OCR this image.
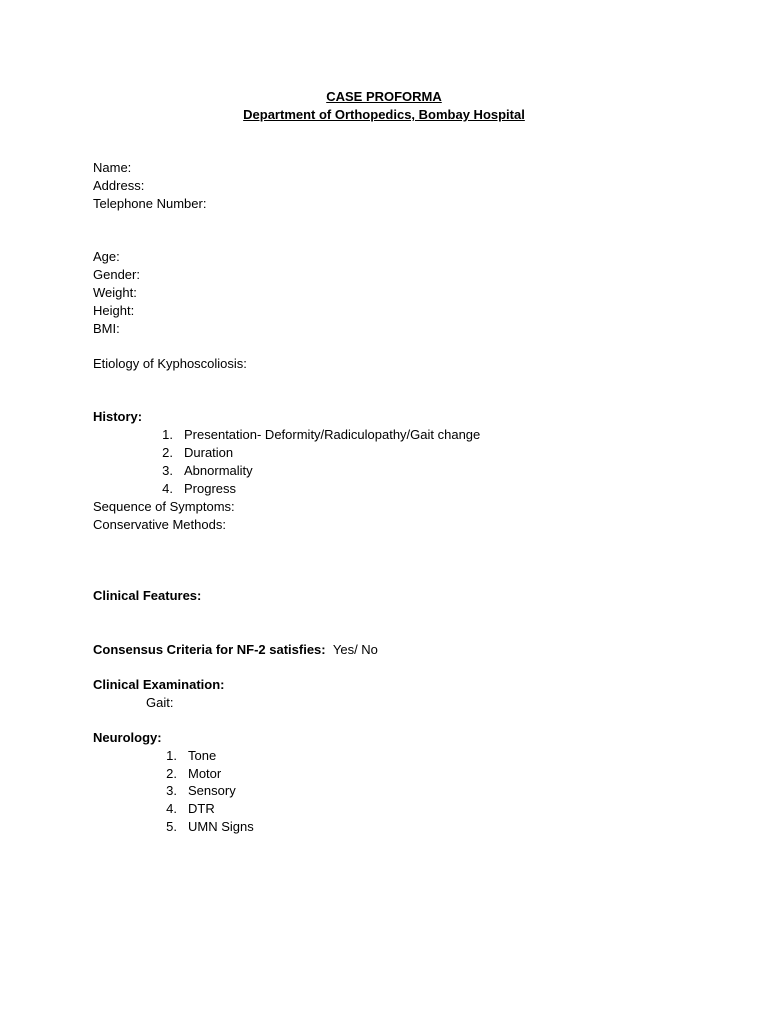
CASE PROFORMA
Department of Orthopedics, Bombay Hospital
Name:
Address:
Telephone Number:
Age:
Gender:
Weight:
Height:
BMI:
Etiology of Kyphoscoliosis:
History:
1. Presentation- Deformity/Radiculopathy/Gait change
2. Duration
3. Abnormality
4. Progress
Sequence of Symptoms:
Conservative Methods:
Clinical Features:
Consensus Criteria for NF-2 satisfies: Yes/ No
Clinical Examination:
Gait:
Neurology:
1. Tone
2. Motor
3. Sensory
4. DTR
5. UMN Signs
